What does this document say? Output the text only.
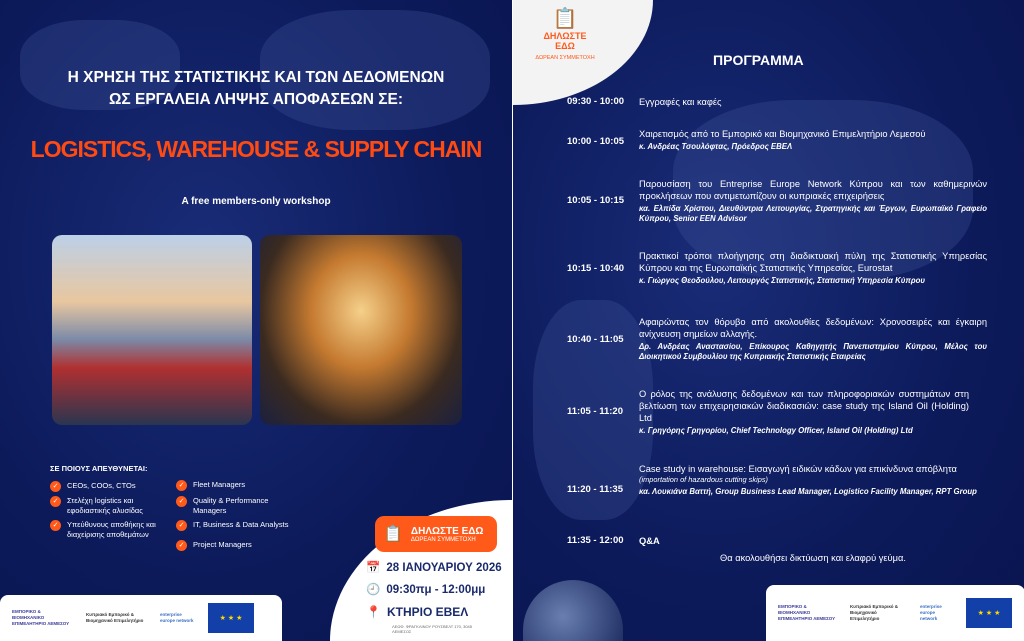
Η ΧΡΗΣΗ ΤΗΣ ΣΤΑΤΙΣΤΙΚΗΣ ΚΑΙ ΤΩΝ ΔΕΔΟΜΕΝΩΝ
ΩΣ ΕΡΓΑΛΕΙΑ ΛΗΨΗΣ ΑΠΟΦΑΣΕΩΝ ΣΕ:
LOGISTICS, WAREHOUSE & SUPPLY CHAIN
A free members-only workshop
ΣΕ ΠΟΙΟΥΣ ΑΠΕΥΘΥΝΕΤΑΙ:
✓	CEOs, COOs, CTOs
✓	Στελέχη logistics και εφοδιαστικής αλυσίδας
✓	Υπεύθυνους αποθήκης και διαχείρισης αποθεμάτων
✓	Fleet Managers
✓	Quality & Performance Managers
✓	IT, Business & Data Analysts
✓	Project Managers
📋 ΔΗΛΩΣΤΕ ΕΔΩ
ΔΩΡΕΑΝ ΣΥΜΜΕΤΟΧΗ
📅 28 ΙΑΝΟΥΑΡΙΟΥ 2026
🕘 09:30πμ - 12:00μμ
📍 ΚΤΗΡΙΟ ΕΒΕΛ
ΛΕΩΦ. ΦΡΑΓΚΛΙΝΟΥ ΡΟΥΣΒΕΛΤ 170, 3045 ΛΕΜΕΣΟΣ
ΕΜΠΟΡΙΚΟ & ΒΙΟΜΗΧΑΝΙΚΟ ΕΠΙΜΕΛΗΤΗΡΙΟ ΛΕΜΕΣΟΥ
Κυπριακό Εμπορικό & Βιομηχανικό Επιμελητήριο
enterprise europe network	★ ★ ★
📋
ΔΗΛΩΣΤΕ ΕΔΩ
ΔΩΡΕΑΝ ΣΥΜΜΕΤΟΧΗ	ΠΡΟΓΡΑΜΜΑ
09:30 - 10:00	Εγγραφές και καφές
10:00 - 10:05
Χαιρετισμός από το Εμπορικό και Βιομηχανικό Επιμελητήριο Λεμεσού
κ. Ανδρέας Τσουλόφτας, Πρόεδρος ΕΒΕΛ
10:05 - 10:15
Παρουσίαση του Entreprise Europe Network Κύπρου και των καθημερινών προκλήσεων που αντιμετωπίζουν οι κυπριακές επιχειρήσεις
κα. Ελπίδα Χρίστου, Διευθύντρια Λειτουργίας, Στρατηγικής και Έργων, Ευρωπαϊκό Γραφείο Κύπρου, Senior EEN Advisor
10:15 - 10:40
Πρακτικοί τρόποι πλοήγησης στη διαδικτυακή πύλη της Στατιστικής Υπηρεσίας Κύπρου και της Ευρωπαϊκής Στατιστικής Υπηρεσίας, Eurostat
κ. Γιώργος Θεοδούλου, Λειτουργός Στατιστικής, Στατιστική Υπηρεσία Κύπρου
10:40 - 11:05
Αφαιρώντας τον θόρυβο από ακολουθίες δεδομένων: Χρονοσειρές και έγκαιρη ανίχνευση σημείων αλλαγής.
Δρ. Ανδρέας Αναστασίου, Επίκουρος Καθηγητής Πανεπιστημίου Κύπρου, Μέλος του Διοικητικού Συμβουλίου της Κυπριακής Στατιστικής Εταιρείας
11:05 - 11:20
Ο ρόλος της ανάλυσης δεδομένων και των πληροφοριακών συστημάτων στη βελτίωση των επιχειρησιακών διαδικασιών: case study της Island Oil (Holding) Ltd
κ. Γρηγόρης Γρηγορίου, Chief Technology Officer, Island Oil (Holding) Ltd
11:20 - 11:35
Case study in warehouse: Εισαγωγή ειδικών κάδων για επικίνδυνα απόβλητα
(importation of hazardous cutting skips)
κα. Λουκιάνα Βαττή, Group Business Lead Manager, Logistico Facility Manager, RPT Group
11:35 - 12:00	Q&A
Θα ακολουθήσει δικτύωση και ελαφρύ γεύμα.
ΕΜΠΟΡΙΚΟ & ΒΙΟΜΗΧΑΝΙΚΟ ΕΠΙΜΕΛΗΤΗΡΙΟ ΛΕΜΕΣΟΥ
Κυπριακό Εμπορικό & Βιομηχανικό Επιμελητήριο
enterprise europe network
★ ★ ★
